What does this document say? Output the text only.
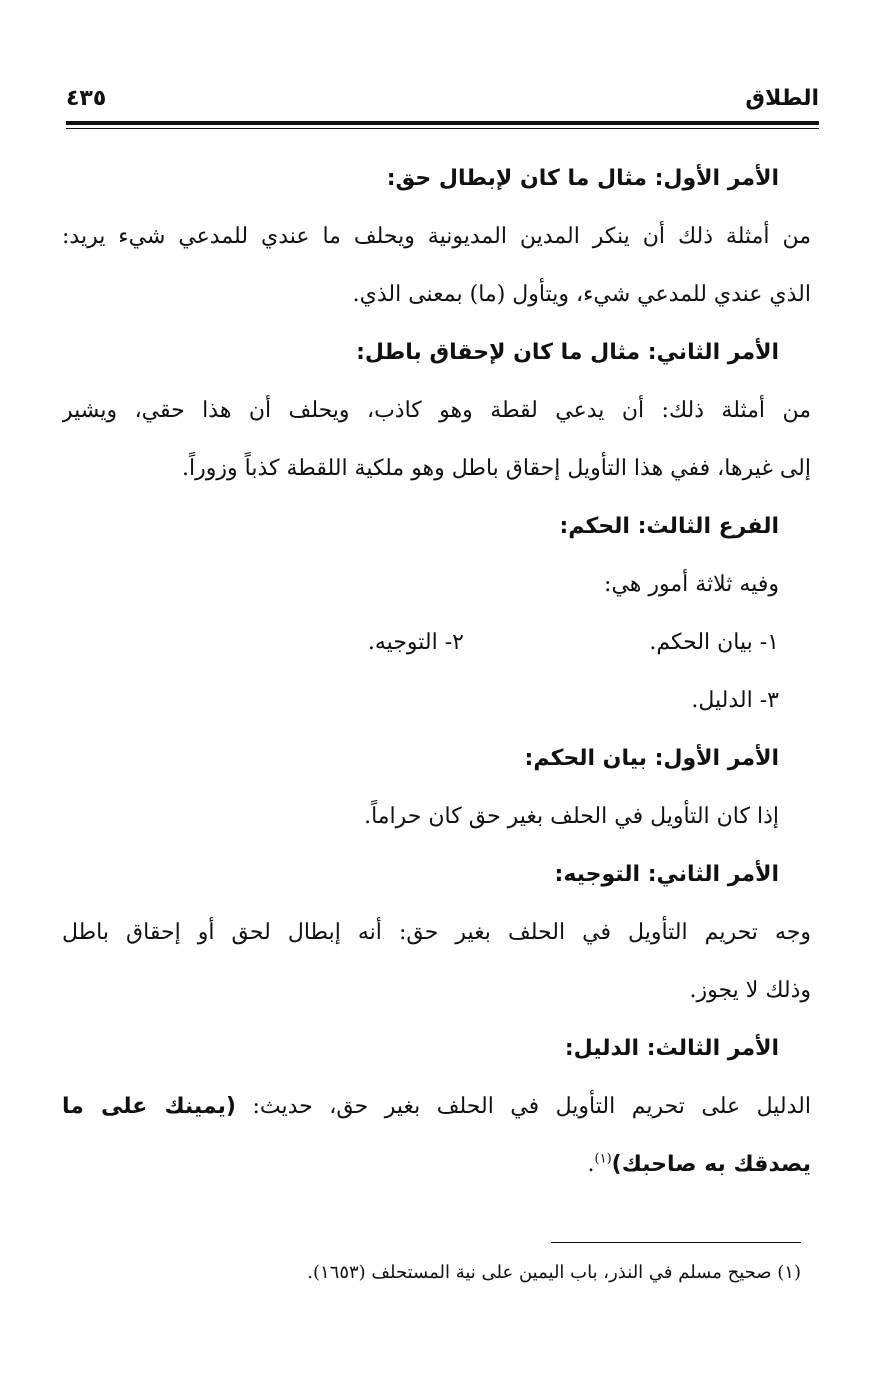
الطلاق
٤٣٥
الأمر الأول: مثال ما كان لإبطال حق:
من أمثلة ذلك أن ينكر المدين المديونية ويحلف ما عندي للمدعي شيء يريد:
الذي عندي للمدعي شيء، ويتأول (ما) بمعنى الذي.
الأمر الثاني: مثال ما كان لإحقاق باطل:
من أمثلة ذلك: أن يدعي لقطة وهو كاذب، ويحلف أن هذا حقي، ويشير
إلى غيرها، ففي هذا التأويل إحقاق باطل وهو ملكية اللقطة كذباً وزوراً.
الفرع الثالث: الحكم:
وفيه ثلاثة أمور هي:
١- بيان الحكم.
٢- التوجيه.
٣- الدليل.
الأمر الأول: بيان الحكم:
إذا كان التأويل في الحلف بغير حق كان حراماً.
الأمر الثاني: التوجيه:
وجه تحريم التأويل في الحلف بغير حق: أنه إبطال لحق أو إحقاق باطل
وذلك لا يجوز.
الأمر الثالث: الدليل:
الدليل على تحريم التأويل في الحلف بغير حق، حديث: (يمينك على ما
يصدقك به صاحبك)$^{(١)}$.
(١) صحيح مسلم في النذر، باب اليمين على نية المستحلف (١٦٥٣).
